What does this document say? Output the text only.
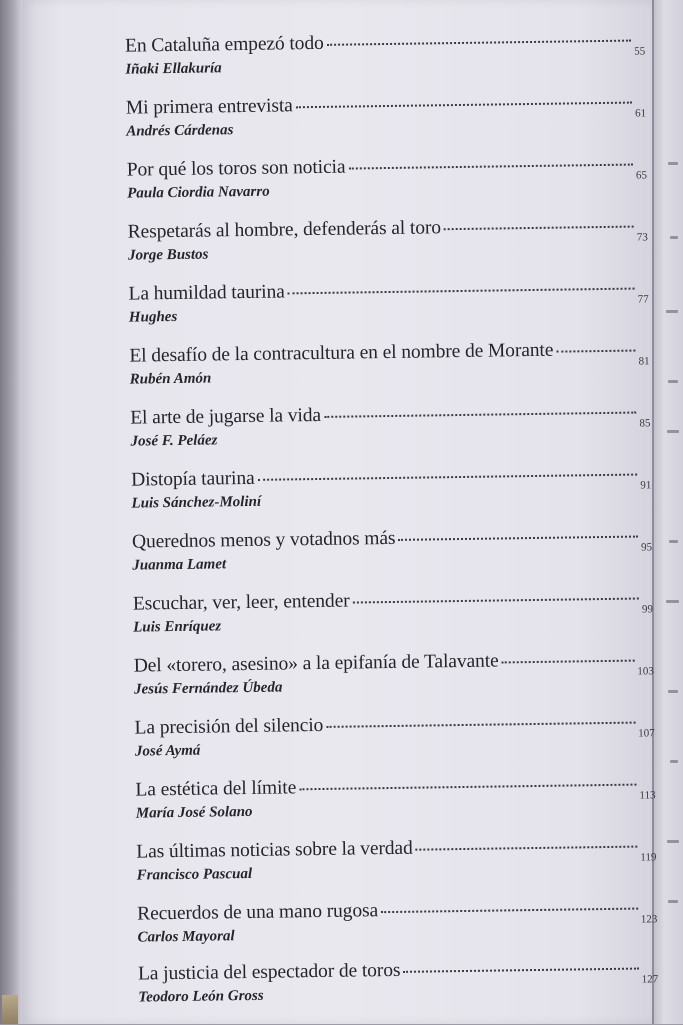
En Cataluña empezó todo	55
Iñaki Ellakuría
Mi primera entrevista	61
Andrés Cárdenas
Por qué los toros son noticia	65
Paula Ciordia Navarro
Respetarás al hombre, defenderás al toro	73
Jorge Bustos
La humildad taurina	77
Hughes
El desafío de la contracultura en el nombre de Morante	81
Rubén Amón
El arte de jugarse la vida	85
José F. Peláez
Distopía taurina	91
Luis Sánchez-Moliní
Querednos menos y votadnos más	95
Juanma Lamet
Escuchar, ver, leer, entender	99
Luis Enríquez
Del «torero, asesino» a la epifanía de Talavante	103
Jesús Fernández Úbeda
La precisión del silencio	107
José Aymá
La estética del límite	113
María José Solano
Las últimas noticias sobre la verdad	119
Francisco Pascual
Recuerdos de una mano rugosa	123
Carlos Mayoral
La justicia del espectador de toros	127
Teodoro León Gross
